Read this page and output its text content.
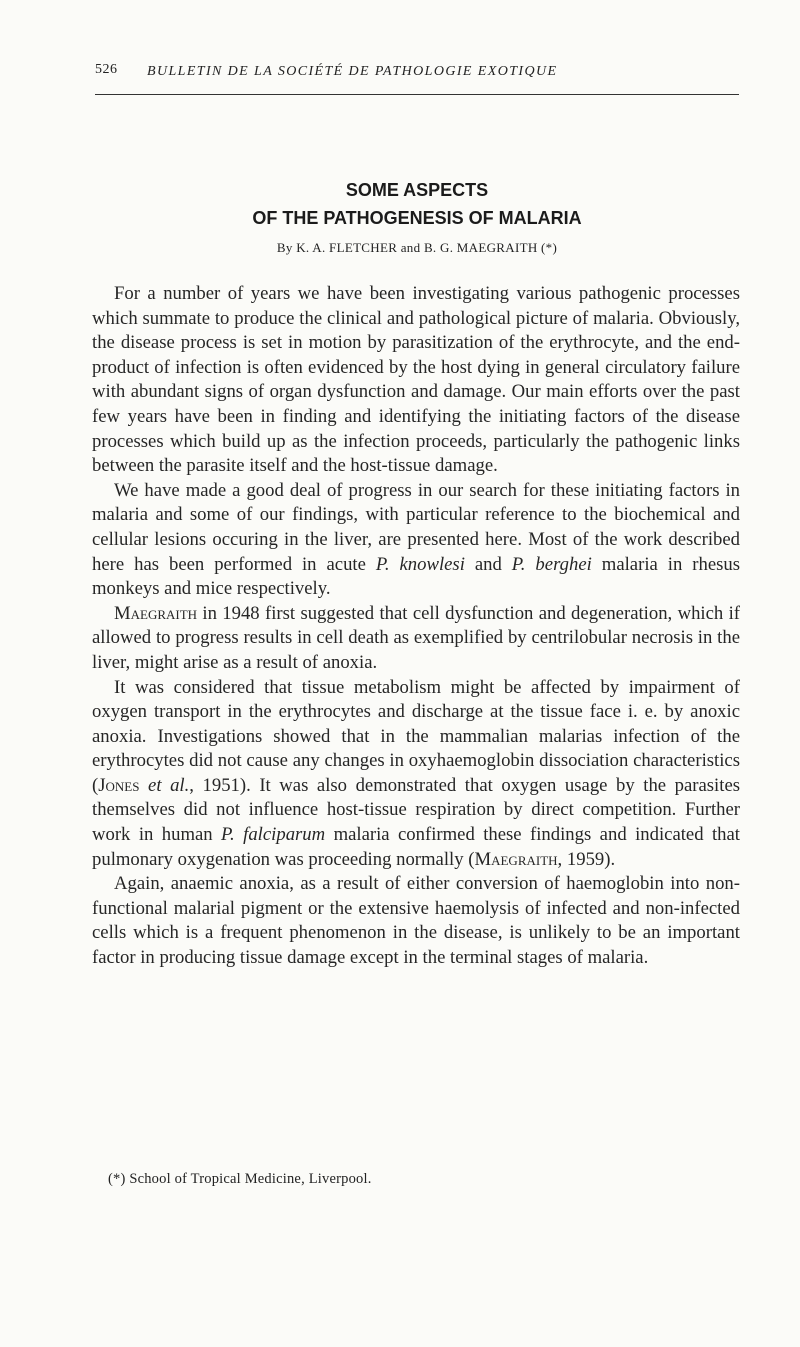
526 BULLETIN DE LA SOCIÉTÉ DE PATHOLOGIE EXOTIQUE
SOME ASPECTS
OF THE PATHOGENESIS OF MALARIA
By K. A. FLETCHER and B. G. MAEGRAITH (*)

For a number of years we have been investigating various pathogenic processes which summate to produce the clinical and pathological picture of malaria. Obviously, the disease process is set in motion by parasitization of the erythrocyte, and the end-product of infection is often evidenced by the host dying in general circulatory failure with abundant signs of organ dysfunction and damage. Our main efforts over the past few years have been in finding and identifying the initiating factors of the disease processes which build up as the infection proceeds, particularly the pathogenic links between the parasite itself and the host-tissue damage.

We have made a good deal of progress in our search for these initiating factors in malaria and some of our findings, with particular reference to the biochemical and cellular lesions occuring in the liver, are presented here. Most of the work described here has been performed in acute P. knowlesi and P. berghei malaria in rhesus monkeys and mice respectively.

Maegraith in 1948 first suggested that cell dysfunction and degeneration, which if allowed to progress results in cell death as exemplified by centrilobular necrosis in the liver, might arise as a result of anoxia.

It was considered that tissue metabolism might be affected by impairment of oxygen transport in the erythrocytes and discharge at the tissue face i. e. by anoxic anoxia. Investigations showed that in the mammalian malarias infection of the erythrocytes did not cause any changes in oxyhaemoglobin dissociation characteristics (Jones et al., 1951). It was also demonstrated that oxygen usage by the parasites themselves did not influence host-tissue respiration by direct competition. Further work in human P. falciparum malaria confirmed these findings and indicated that pulmonary oxygenation was proceeding normally (Maegraith, 1959).

Again, anaemic anoxia, as a result of either conversion of haemoglobin into non-functional malarial pigment or the extensive haemolysis of infected and non-infected cells which is a frequent phenomenon in the disease, is unlikely to be an important factor in producing tissue damage except in the terminal stages of malaria.

(*) School of Tropical Medicine, Liverpool.
